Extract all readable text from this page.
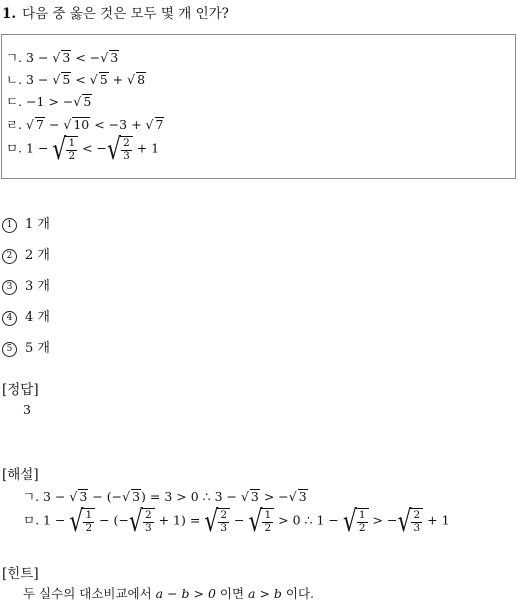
1. 다음 중 옳은 것은 모두 몇 개 인가?
ㄱ. 3 − √ 3 < −√ 3
ㄴ. 3 − √ 5 < √ 5 + √ 8
ㄷ. −1 > −√ 5
ㄹ. √ 7 − √ 10 < −3 + √ 7
ㅁ. 1 − √ $\frac{1}{2}$ < − √ $\frac{2}{3} + 1$
1 1 개
2 2 개
3 3 개
4 4 개
5 5 개
[정답]
3
[해설]
ㄱ. 3 − √ 3 − (−√ 3) = 3 > 0 ∴ 3 − √ 3 > −√ 3
ㅁ. 1 − √ $\frac{1}{2}$ − (− √ $\frac{2}{3} + 1$) = √ $\frac{2}{3}$ − √ $\frac{1}{2} > 0$ ∴ 1 − √ $\frac{1}{2}$ > − √ $\frac{2}{3} + 1$
[힌트]
두 실수의 대소비교에서 a − b > 0 이면 a > b 이다.
